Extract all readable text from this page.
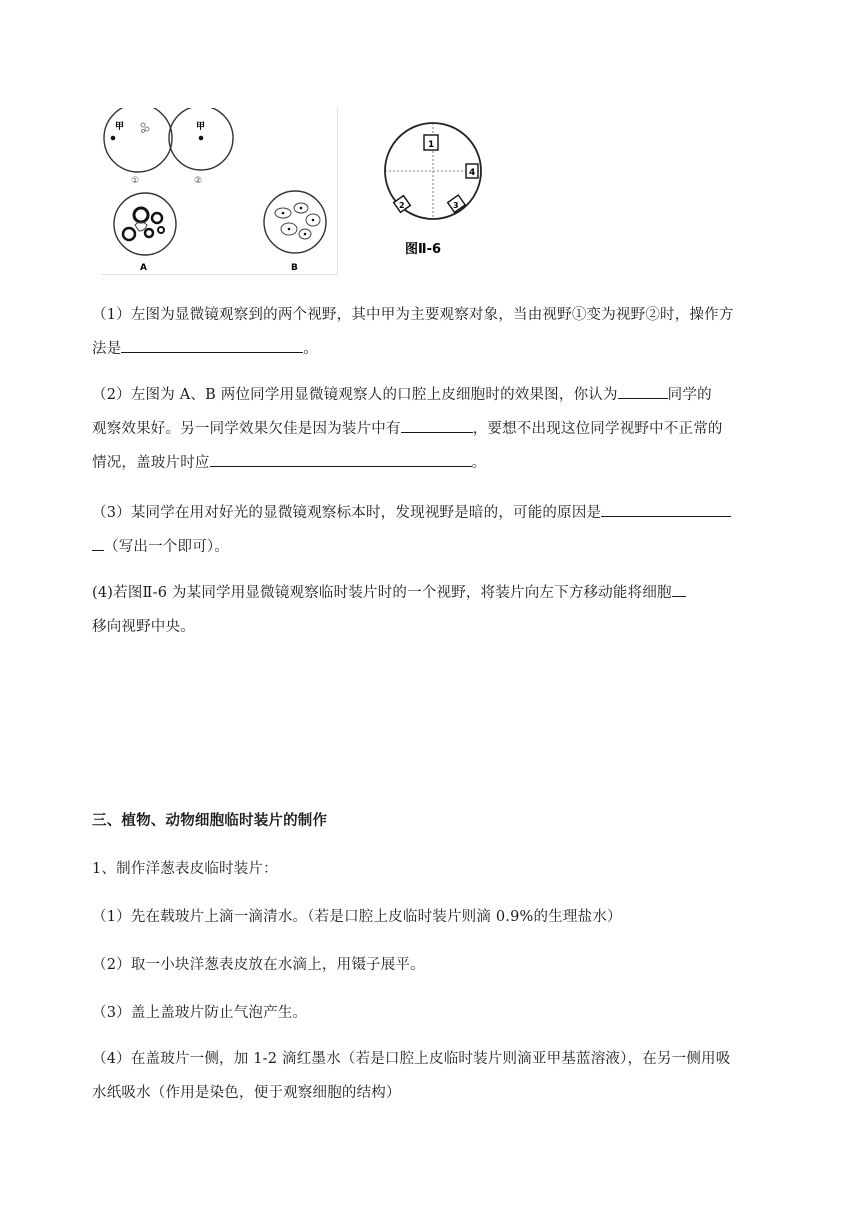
甲
①
甲
②
A	B
1
4
2	3
图Ⅱ-6
（1）左图为显微镜观察到的两个视野，其中甲为主要观察对象，当由视野①变为视野②时，操作方
法是	。
（2）左图为 A、B 两位同学用显微镜观察人的口腔上皮细胞时的效果图，你认为	同学的
观察效果好。另一同学效果欠佳是因为装片中有	，要想不出现这位同学视野中不正常的
情况，盖玻片时应	。
（3）某同学在用对好光的显微镜观察标本时，发现视野是暗的，可能的原因是
（写出一个即可）。
(4)若图Ⅱ-6 为某同学用显微镜观察临时装片时的一个视野，将装片向左下方移动能将细胞
移向视野中央。
三、植物、动物细胞临时装片的制作
1、制作洋葱表皮临时装片：
（1）先在载玻片上滴一滴清水。（若是口腔上皮临时装片则滴 0.9%的生理盐水）
（2）取一小块洋葱表皮放在水滴上，用镊子展平。
（3）盖上盖玻片防止气泡产生。
（4）在盖玻片一侧，加 1-2 滴红墨水（若是口腔上皮临时装片则滴亚甲基蓝溶液），在另一侧用吸
水纸吸水（作用是染色，便于观察细胞的结构）
